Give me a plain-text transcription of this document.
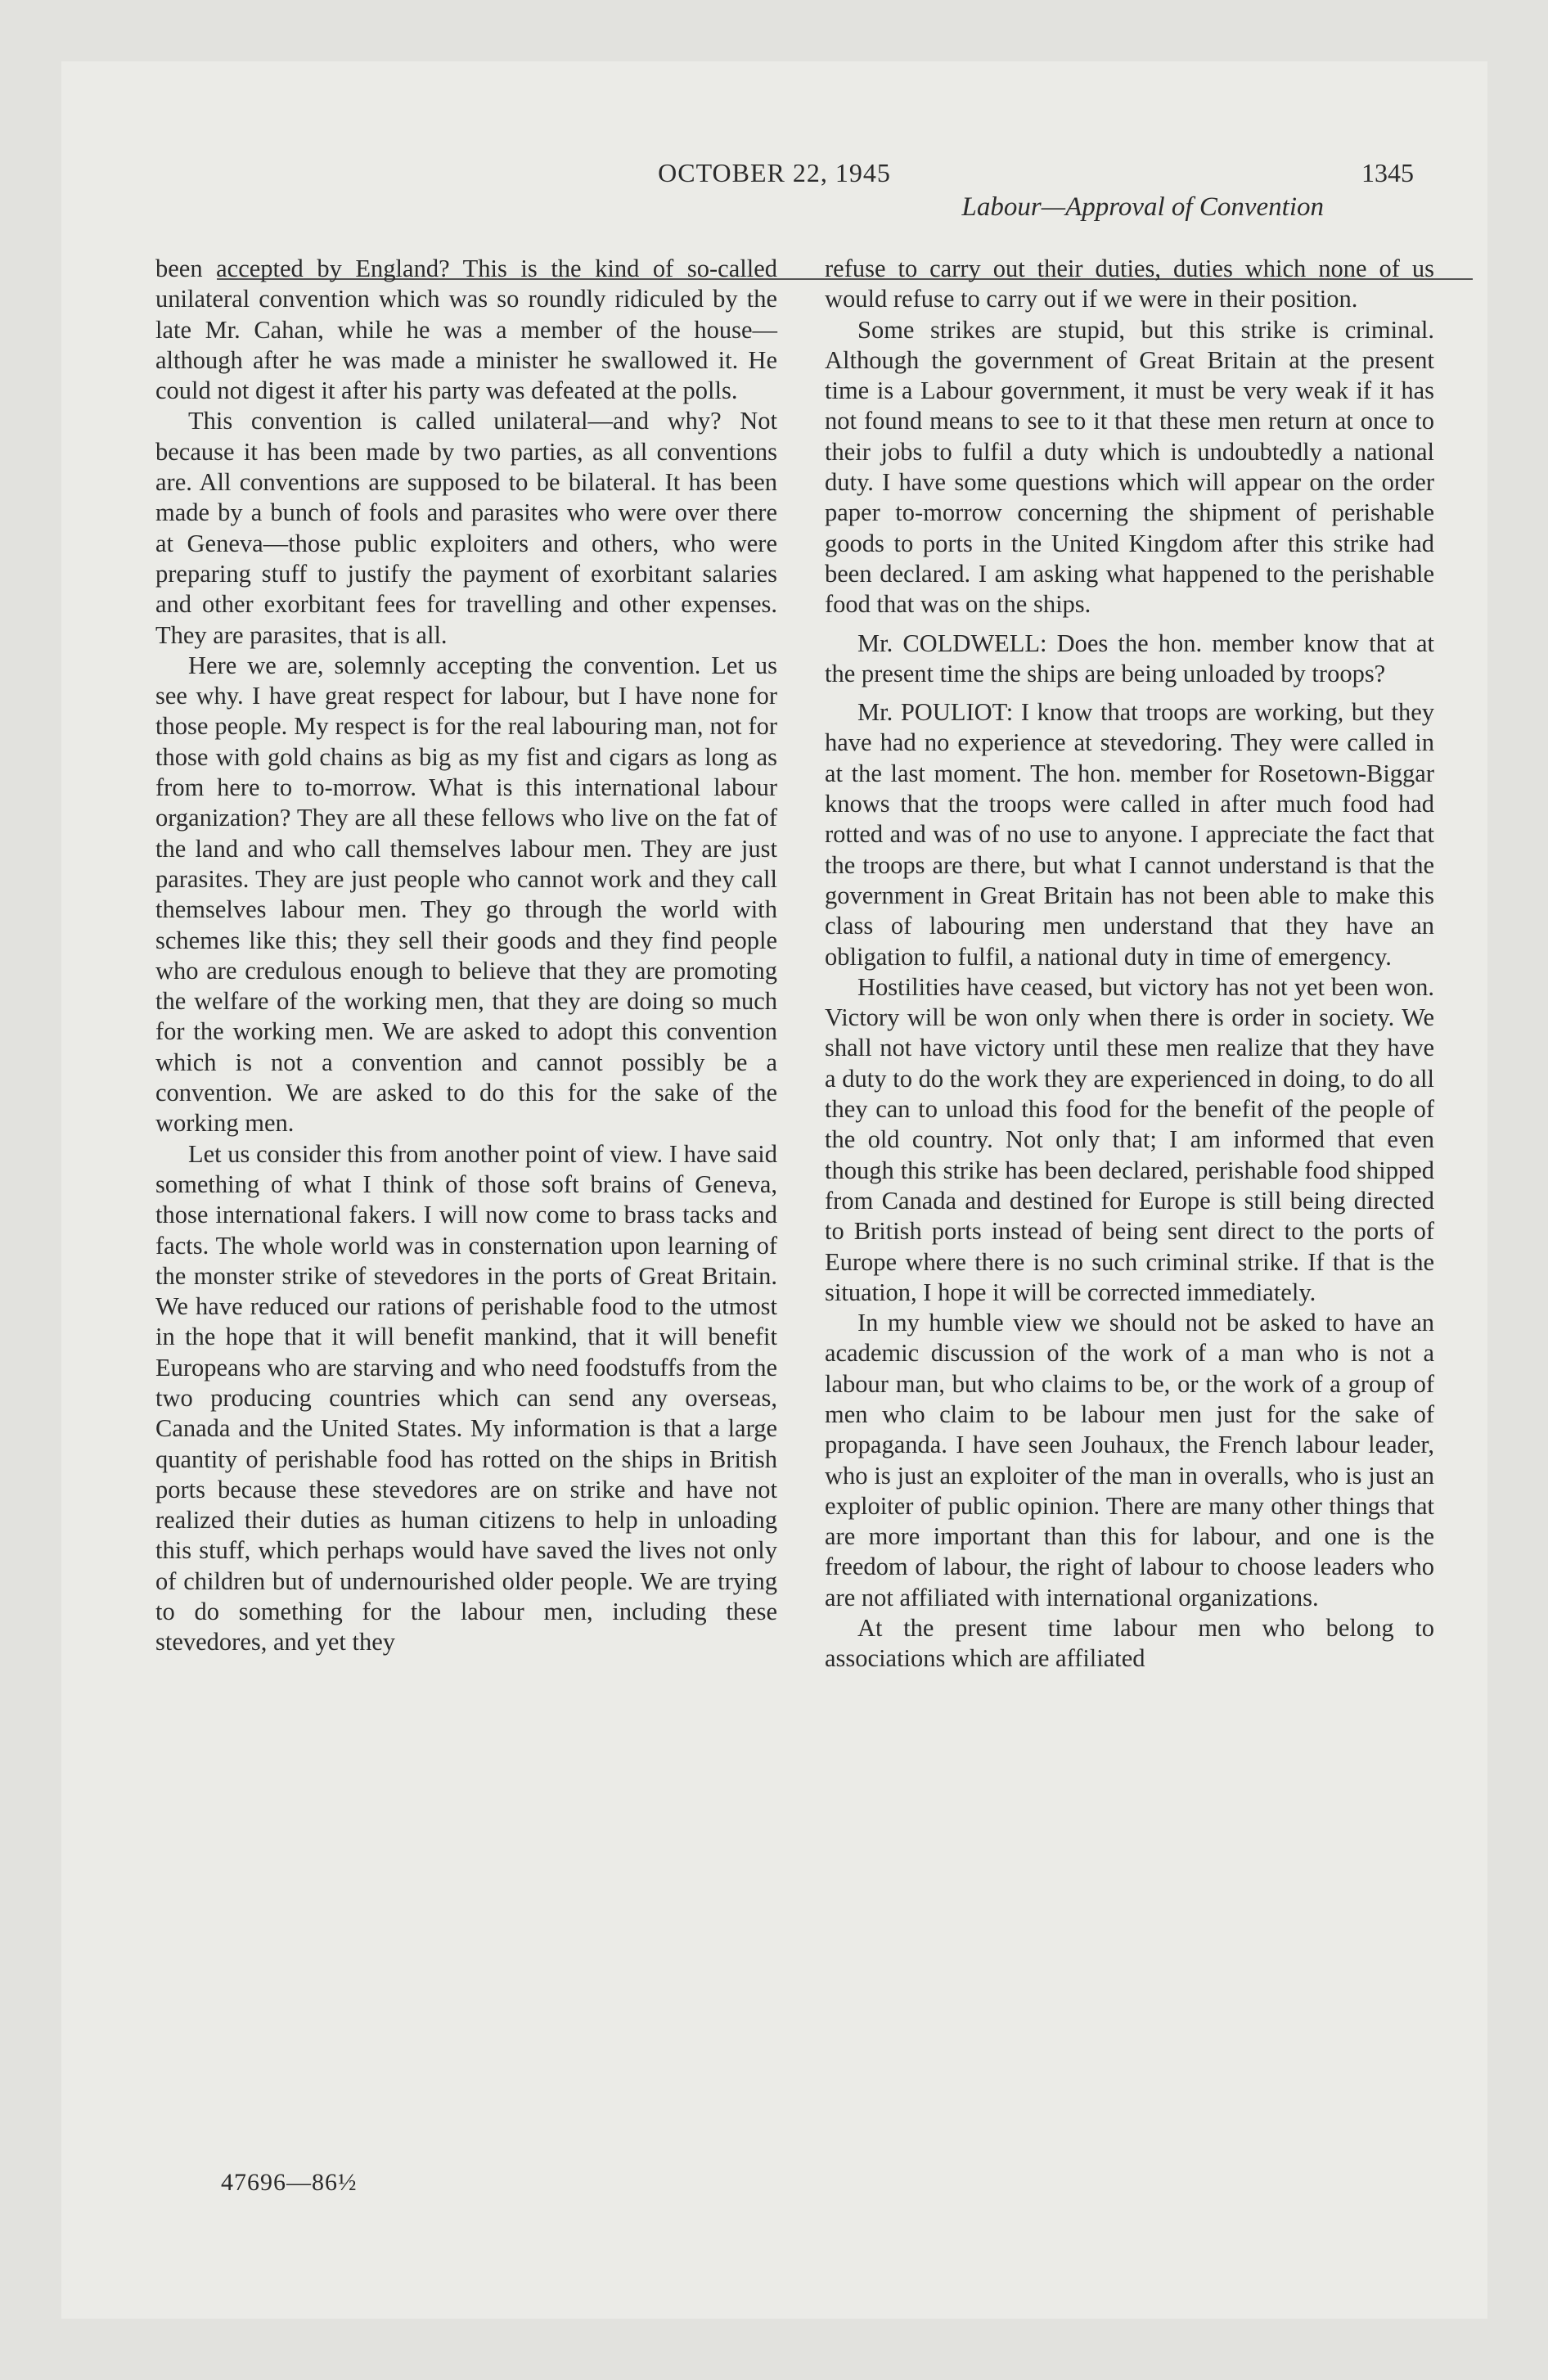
OCTOBER 22, 1945	1345
Labour—Approval of Convention

been accepted by England? This is the kind of so-called unilateral convention which was so roundly ridiculed by the late Mr. Cahan, while he was a member of the house—although after he was made a minister he swallowed it. He could not digest it after his party was defeated at the polls.

This convention is called unilateral—and why? Not because it has been made by two parties, as all conventions are. All conventions are supposed to be bilateral. It has been made by a bunch of fools and parasites who were over there at Geneva—those public exploiters and others, who were preparing stuff to justify the payment of exorbitant salaries and other exorbitant fees for travelling and other expenses. They are parasites, that is all.

Here we are, solemnly accepting the convention. Let us see why. I have great respect for labour, but I have none for those people. My respect is for the real labouring man, not for those with gold chains as big as my fist and cigars as long as from here to to-morrow. What is this international labour organization? They are all these fellows who live on the fat of the land and who call themselves labour men. They are just parasites. They are just people who cannot work and they call themselves labour men. They go through the world with schemes like this; they sell their goods and they find people who are credulous enough to believe that they are promoting the welfare of the working men, that they are doing so much for the working men. We are asked to adopt this convention which is not a convention and cannot possibly be a convention. We are asked to do this for the sake of the working men.

Let us consider this from another point of view. I have said something of what I think of those soft brains of Geneva, those international fakers. I will now come to brass tacks and facts. The whole world was in consternation upon learning of the monster strike of stevedores in the ports of Great Britain. We have reduced our rations of perishable food to the utmost in the hope that it will benefit mankind, that it will benefit Europeans who are starving and who need foodstuffs from the two producing countries which can send any overseas, Canada and the United States. My information is that a large quantity of perishable food has rotted on the ships in British ports because these stevedores are on strike and have not realized their duties as human citizens to help in unloading this stuff, which perhaps would have saved the lives not only of children but of undernourished older people. We are trying to do something for the labour men, including these stevedores, and yet they

refuse to carry out their duties, duties which none of us would refuse to carry out if we were in their position.

Some strikes are stupid, but this strike is criminal. Although the government of Great Britain at the present time is a Labour government, it must be very weak if it has not found means to see to it that these men return at once to their jobs to fulfil a duty which is undoubtedly a national duty. I have some questions which will appear on the order paper to-morrow concerning the shipment of perishable goods to ports in the United Kingdom after this strike had been declared. I am asking what happened to the perishable food that was on the ships.

Mr. COLDWELL: Does the hon. member know that at the present time the ships are being unloaded by troops?

Mr. POULIOT: I know that troops are working, but they have had no experience at stevedoring. They were called in at the last moment. The hon. member for Rosetown-Biggar knows that the troops were called in after much food had rotted and was of no use to anyone. I appreciate the fact that the troops are there, but what I cannot understand is that the government in Great Britain has not been able to make this class of labouring men understand that they have an obligation to fulfil, a national duty in time of emergency.

Hostilities have ceased, but victory has not yet been won. Victory will be won only when there is order in society. We shall not have victory until these men realize that they have a duty to do the work they are experienced in doing, to do all they can to unload this food for the benefit of the people of the old country. Not only that; I am informed that even though this strike has been declared, perishable food shipped from Canada and destined for Europe is still being directed to British ports instead of being sent direct to the ports of Europe where there is no such criminal strike. If that is the situation, I hope it will be corrected immediately.

In my humble view we should not be asked to have an academic discussion of the work of a man who is not a labour man, but who claims to be, or the work of a group of men who claim to be labour men just for the sake of propaganda. I have seen Jouhaux, the French labour leader, who is just an exploiter of the man in overalls, who is just an exploiter of public opinion. There are many other things that are more important than this for labour, and one is the freedom of labour, the right of labour to choose leaders who are not affiliated with international organizations.

At the present time labour men who belong to associations which are affiliated

47696—86½
